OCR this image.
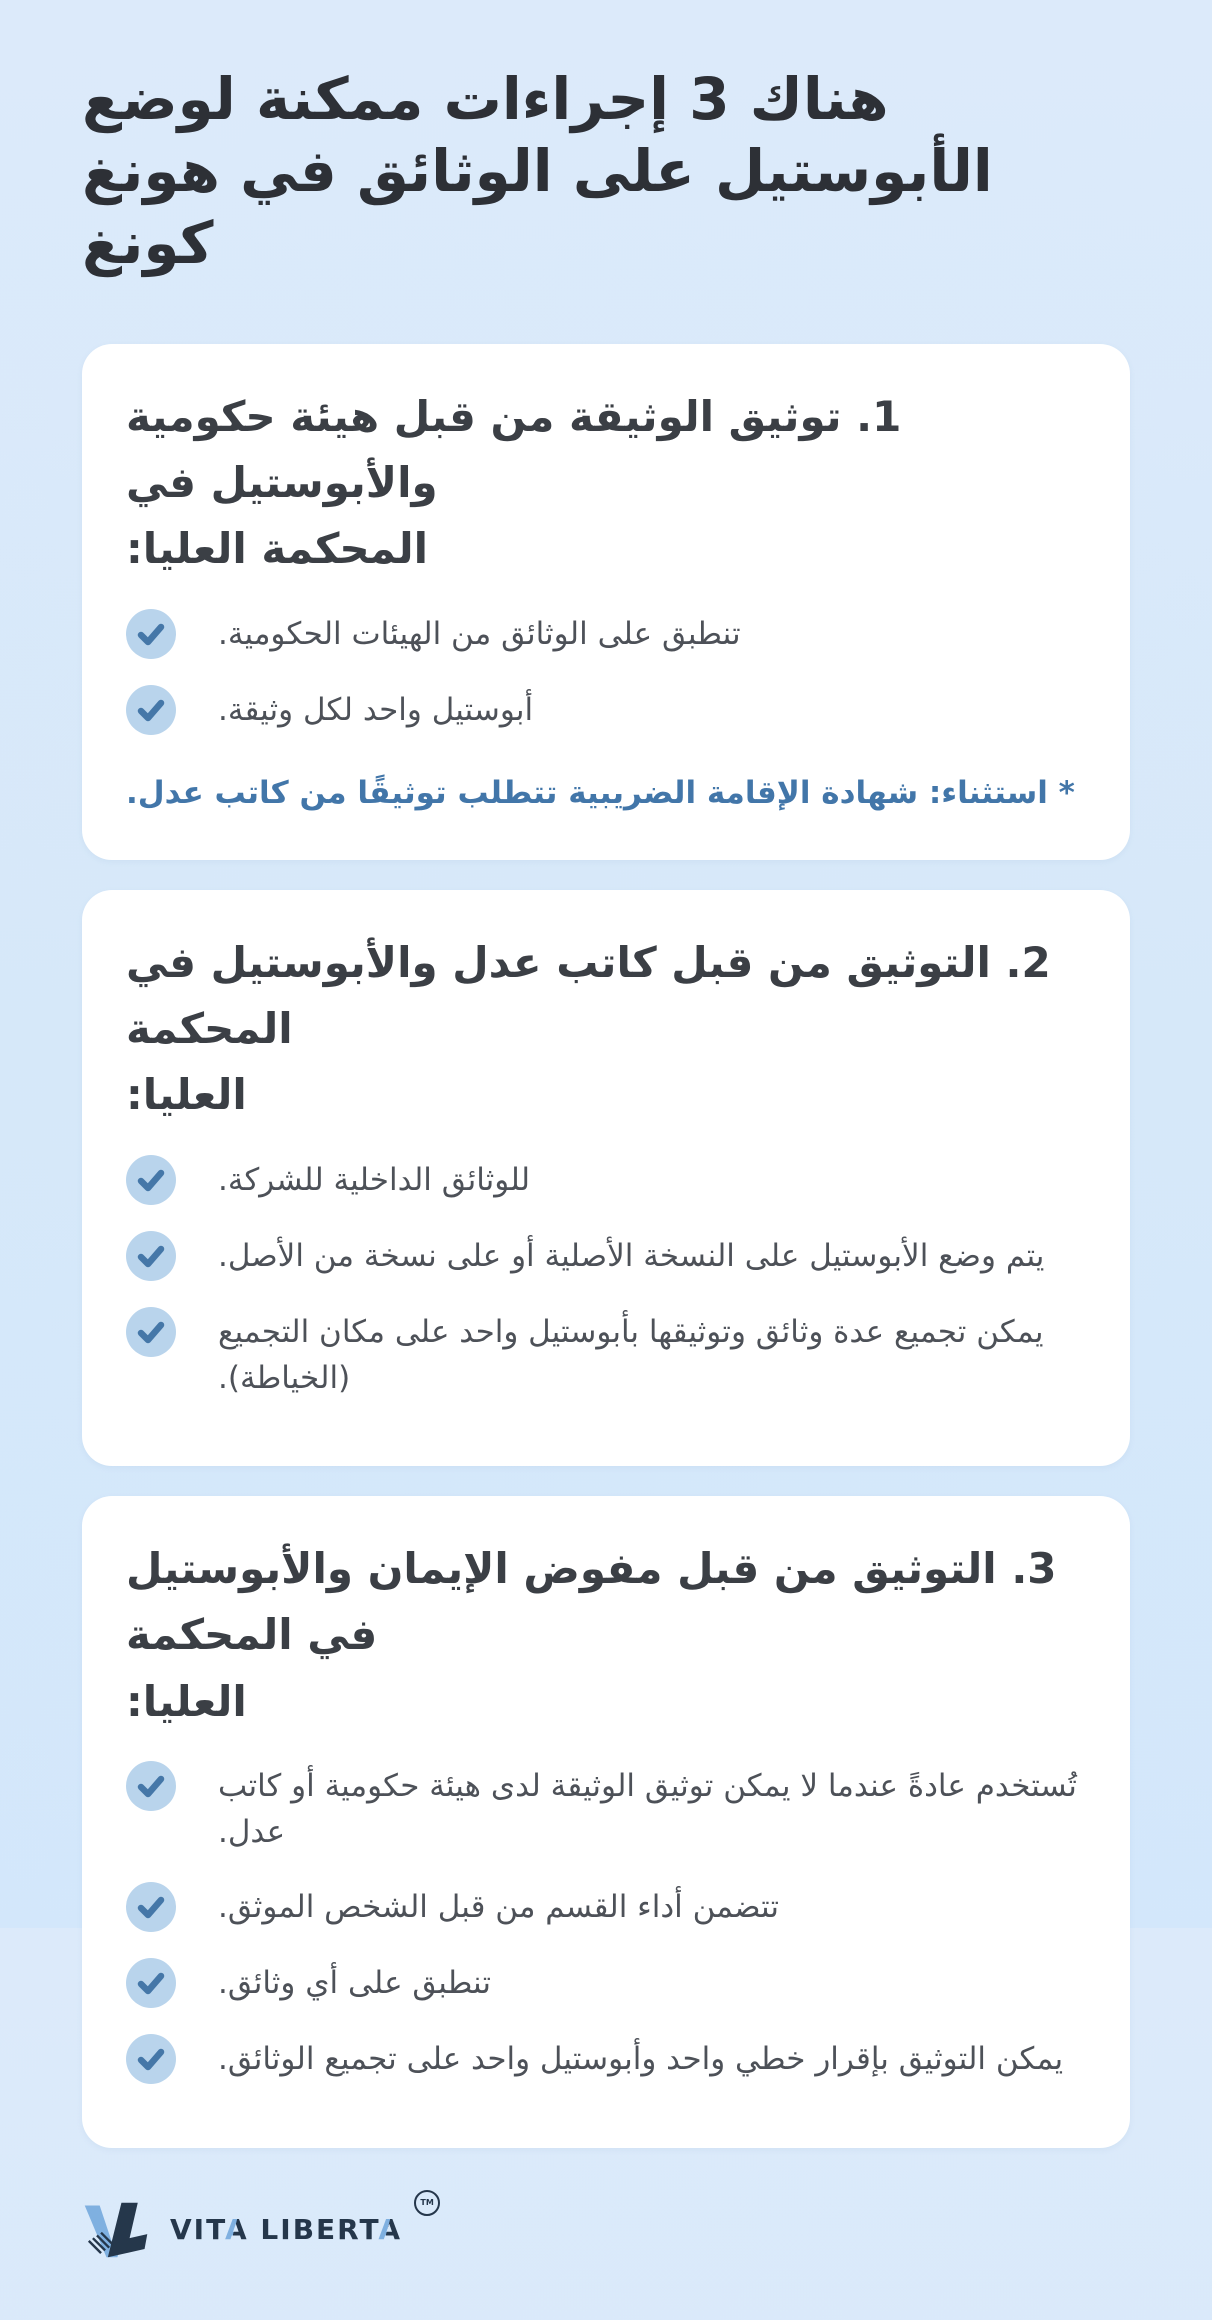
هناك 3 إجراءات ممكنة لوضع
الأبوستيل على الوثائق في هونغ كونغ
1. توثيق الوثيقة من قبل هيئة حكومية والأبوستيل في
المحكمة العليا:

تنطبق على الوثائق من الهيئات الحكومية.

أبوستيل واحد لكل وثيقة.

* استثناء: شهادة الإقامة الضريبية تتطلب توثيقًا من كاتب عدل.

2. التوثيق من قبل كاتب عدل والأبوستيل في المحكمة
العليا:

للوثائق الداخلية للشركة.

يتم وضع الأبوستيل على النسخة الأصلية أو على نسخة من الأصل.

يمكن تجميع عدة وثائق وتوثيقها بأبوستيل واحد على مكان التجميع (الخياطة).

3. التوثيق من قبل مفوض الإيمان والأبوستيل في المحكمة
العليا:

تُستخدم عادةً عندما لا يمكن توثيق الوثيقة لدى هيئة حكومية أو كاتب عدل.

تتضمن أداء القسم من قبل الشخص الموثق.

تنطبق على أي وثائق.

يمكن التوثيق بإقرار خطي واحد وأبوستيل واحد على تجميع الوثائق.

VITA LIBERTA
TM
